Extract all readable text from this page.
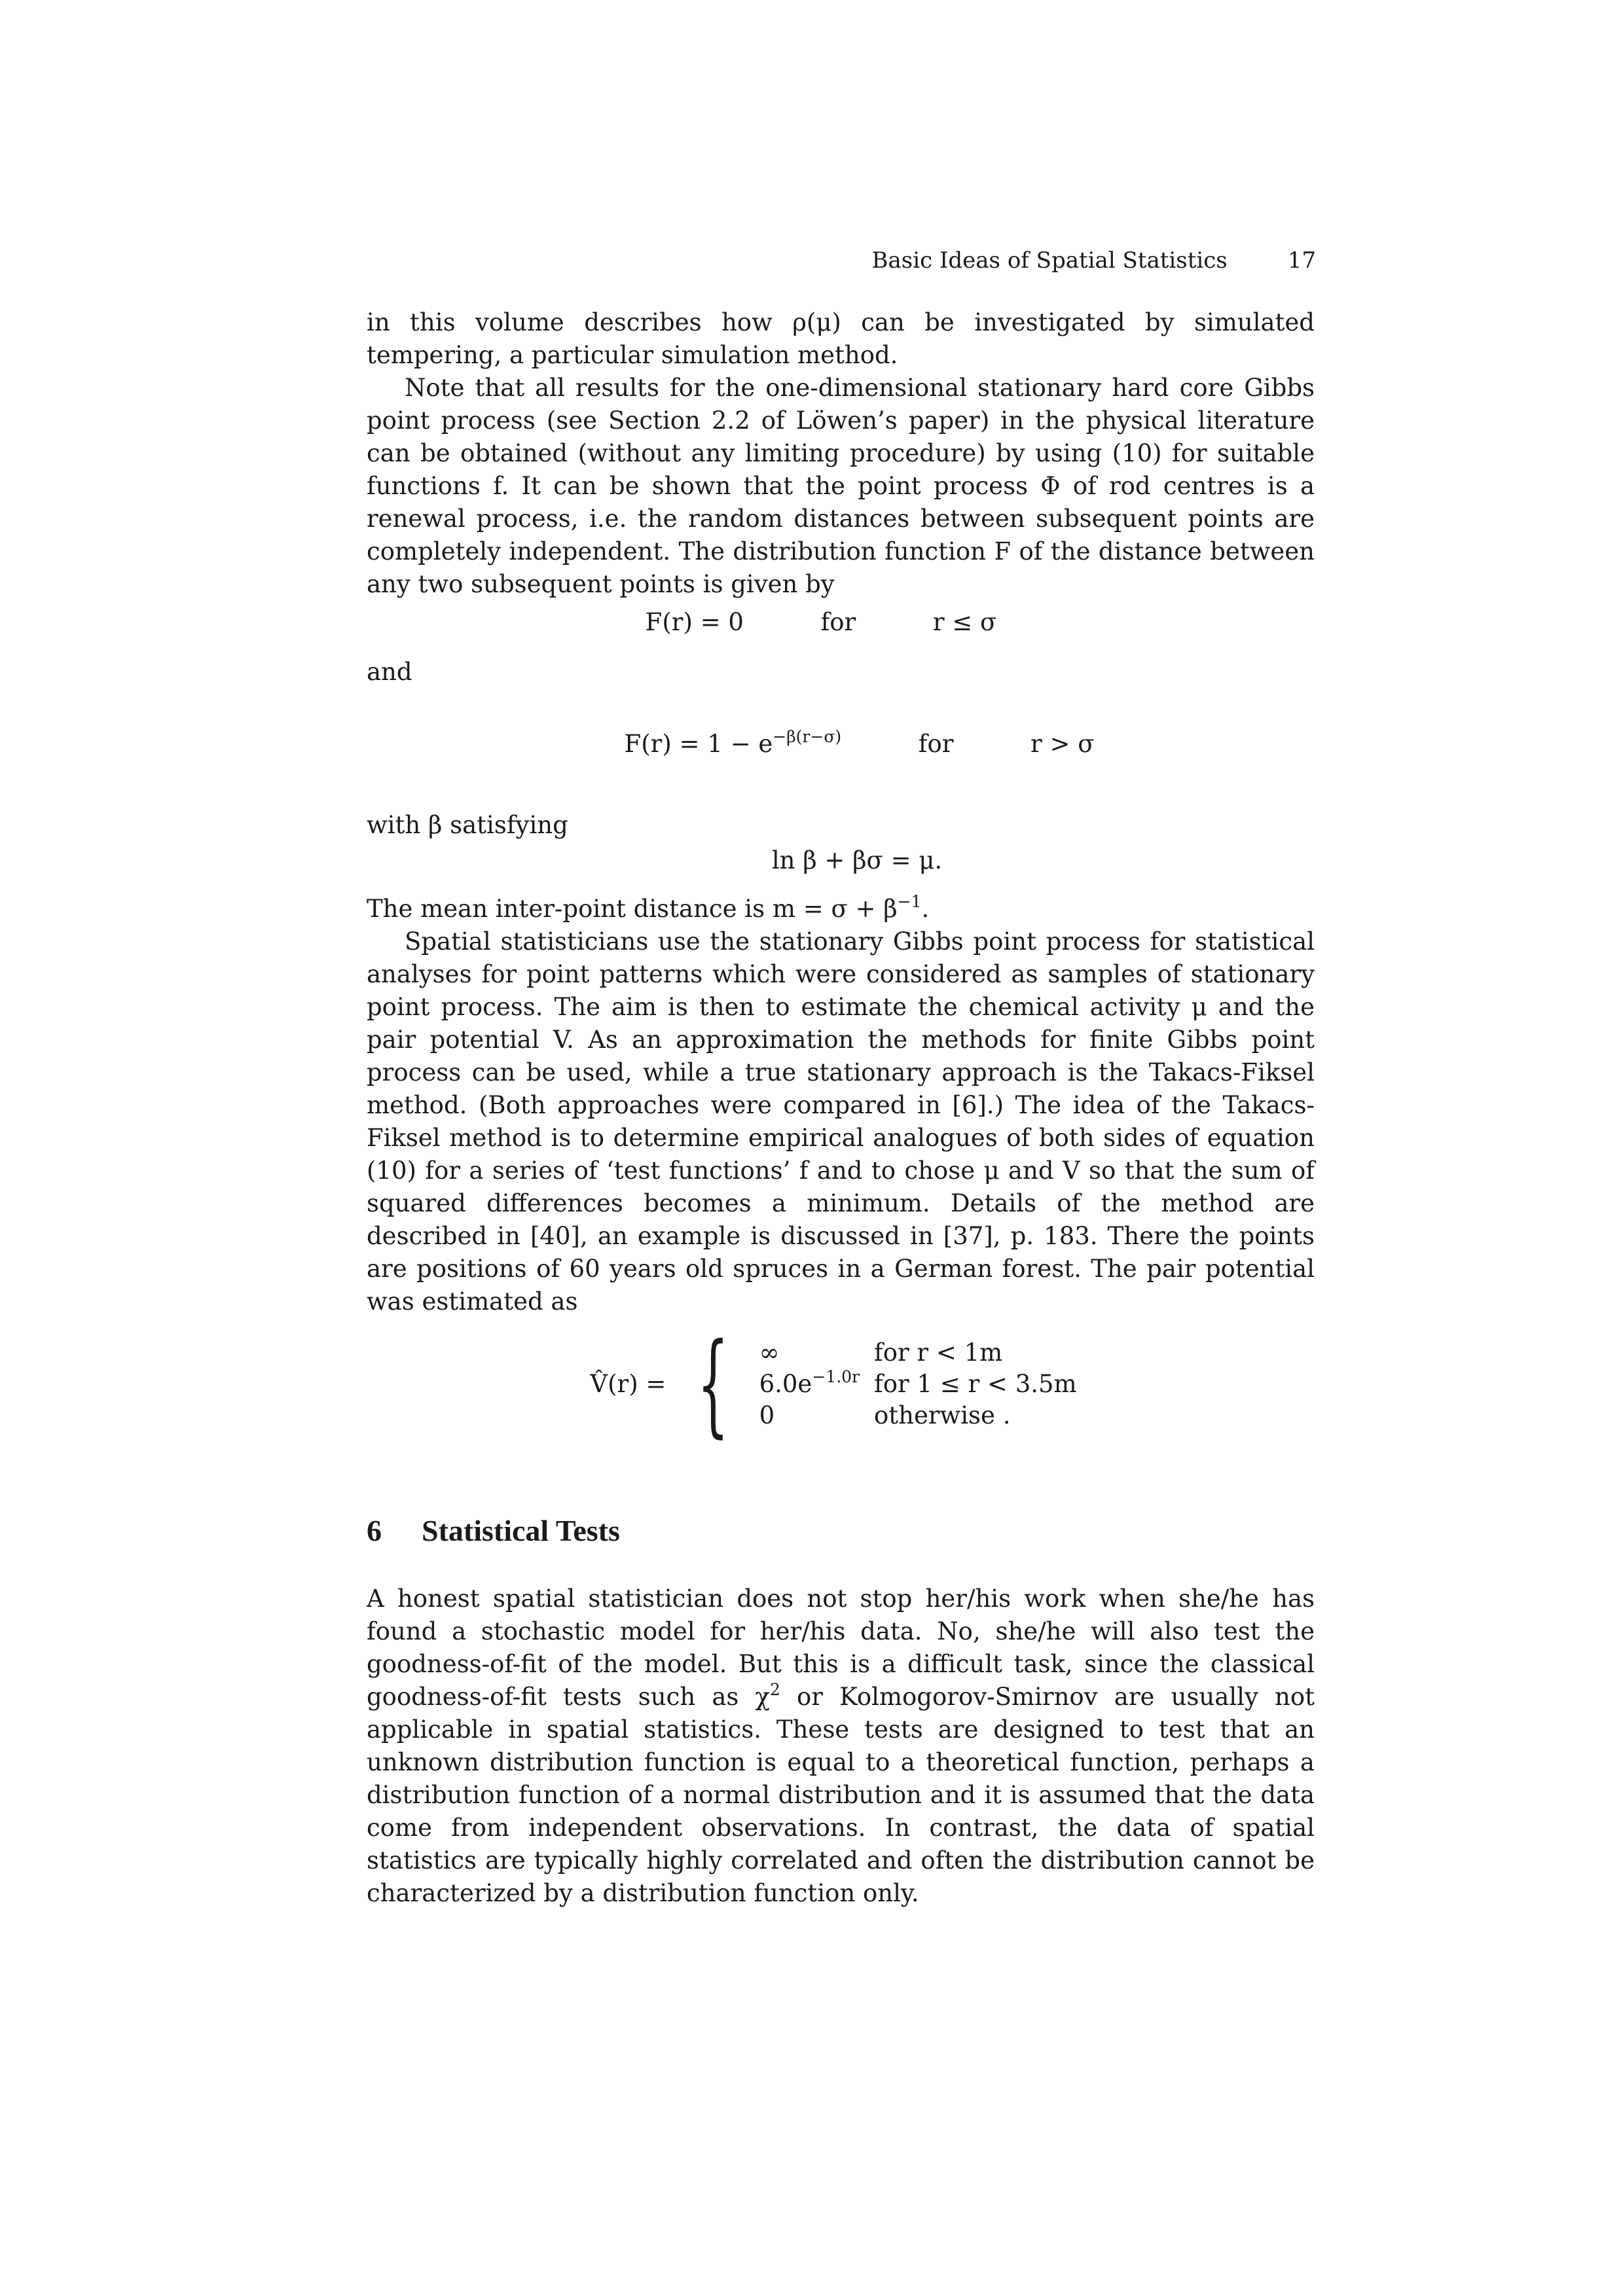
Basic Ideas of Spatial Statistics	17

in this volume describes how ρ(μ) can be investigated by simulated tempering, a particular simulation method.

Note that all results for the one-dimensional stationary hard core Gibbs point process (see Section 2.2 of Löwen’s paper) in the physical literature can be obtained (without any limiting procedure) by using (10) for suitable functions f. It can be shown that the point process Φ of rod centres is a renewal process, i.e. the random distances between subsequent points are completely independent. The distribution function F of the distance between any two subsequent points is given by

F(r) = 0          for          r ≤ σ

and

$F(r) = 1 - e^{-\beta(r-\sigma)}$          for          r > σ

with β satisfying

ln β + βσ = μ.

The mean inter-point distance is $m = \sigma + \beta^{-1}$.

Spatial statisticians use the stationary Gibbs point process for statistical analyses for point patterns which were considered as samples of stationary point process. The aim is then to estimate the chemical activity μ and the pair potential V. As an approximation the methods for finite Gibbs point process can be used, while a true stationary approach is the Takacs-Fiksel method. (Both approaches were compared in [6].) The idea of the Takacs-Fiksel method is to determine empirical analogues of both sides of equation (10) for a series of ‘test functions’ f and to chose μ and V so that the sum of squared differences becomes a minimum. Details of the method are described in [40], an example is discussed in [37], p. 183. There the points are positions of 60 years old spruces in a German forest. The pair potential was estimated as

V̂(r) = { ∞	for r < 1m
$6.0e^{-1.0r}$	for 1 ≤ r < 3.5m
0	otherwise .
6 Statistical Tests

A honest spatial statistician does not stop her/his work when she/he has found a stochastic model for her/his data. No, she/he will also test the goodness-of-fit of the model. But this is a difficult task, since the classical goodness-of-fit tests such as $\chi^2$ or Kolmogorov-Smirnov are usually not applicable in spatial statistics. These tests are designed to test that an unknown distribution function is equal to a theoretical function, perhaps a distribution function of a normal distribution and it is assumed that the data come from independent observations. In contrast, the data of spatial statistics are typically highly correlated and often the distribution cannot be characterized by a distribution function only.
